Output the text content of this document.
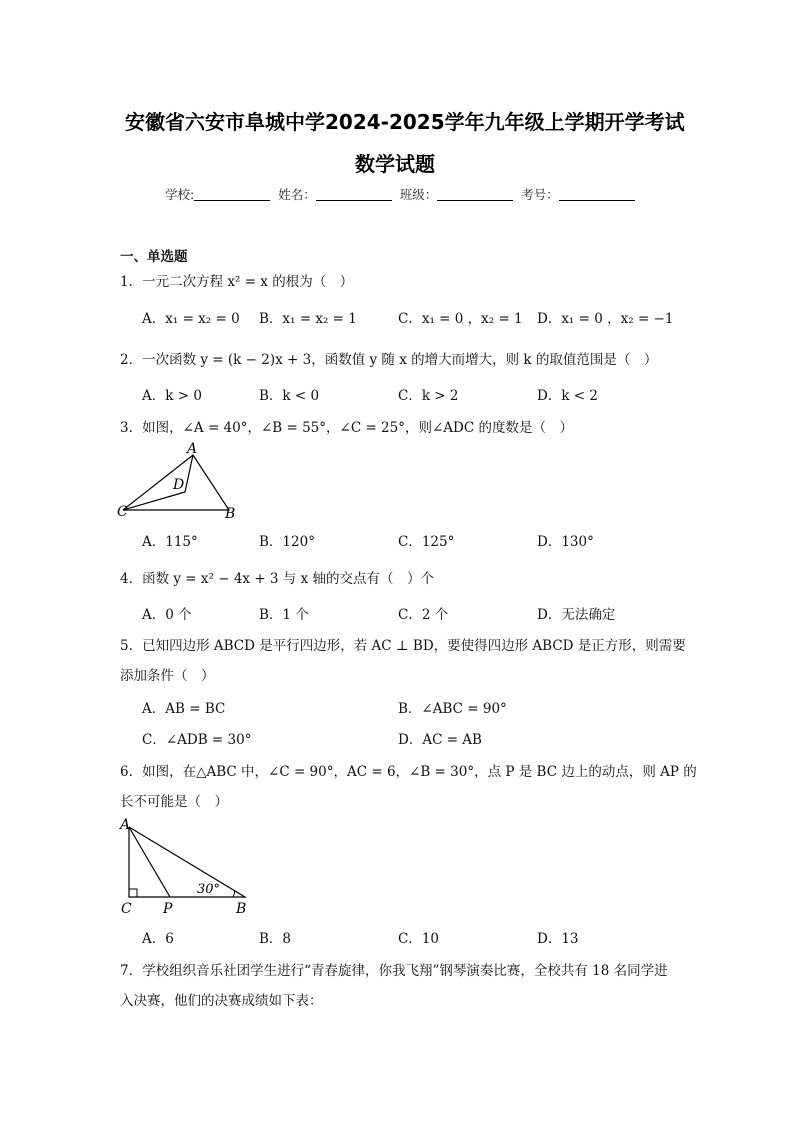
安徽省六安市阜城中学2024-2025学年九年级上学期开学考试
数学试题
学校:	姓名：	班级：	考号：
一、单选题
1．一元二次方程 x² = x 的根为（　）
A．x₁ = x₂ = 0 B．x₁ = x₂ = 1	C．x₁ = 0 ，x₂ = 1 D．x₁ = 0 ，x₂ = −1
2．一次函数 y = (k − 2)x + 3，函数值 y 随 x 的增大而增大，则 k 的取值范围是（　）
A．k > 0	B．k < 0	C．k > 2	D．k < 2
3．如图，∠A = 40°，∠B = 55°，∠C = 25°，则∠ADC 的度数是（　）
A
D
C	B
A．115°	B．120°	C．125°	D．130°
4．函数 y = x² − 4x + 3 与 x 轴的交点有（　）个
A．0 个	B．1 个	C．2 个	D．无法确定
5．已知四边形 ABCD 是平行四边形，若 AC ⊥ BD，要使得四边形 ABCD 是正方形，则需要
添加条件（　）
A．AB = BC	B．∠ABC = 90°
C．∠ADB = 30°	D．AC = AB
6．如图，在△ABC 中，∠C = 90°，AC = 6，∠B = 30°，点 P 是 BC 边上的动点，则 AP 的
长不可能是（　）
30°
A
C P	B
A．6	B．8	C．10	D．13
7．学校组织音乐社团学生进行“青春旋律，你我飞翔”钢琴演奏比赛，全校共有 18 名同学进
入决赛，他们的决赛成绩如下表：
